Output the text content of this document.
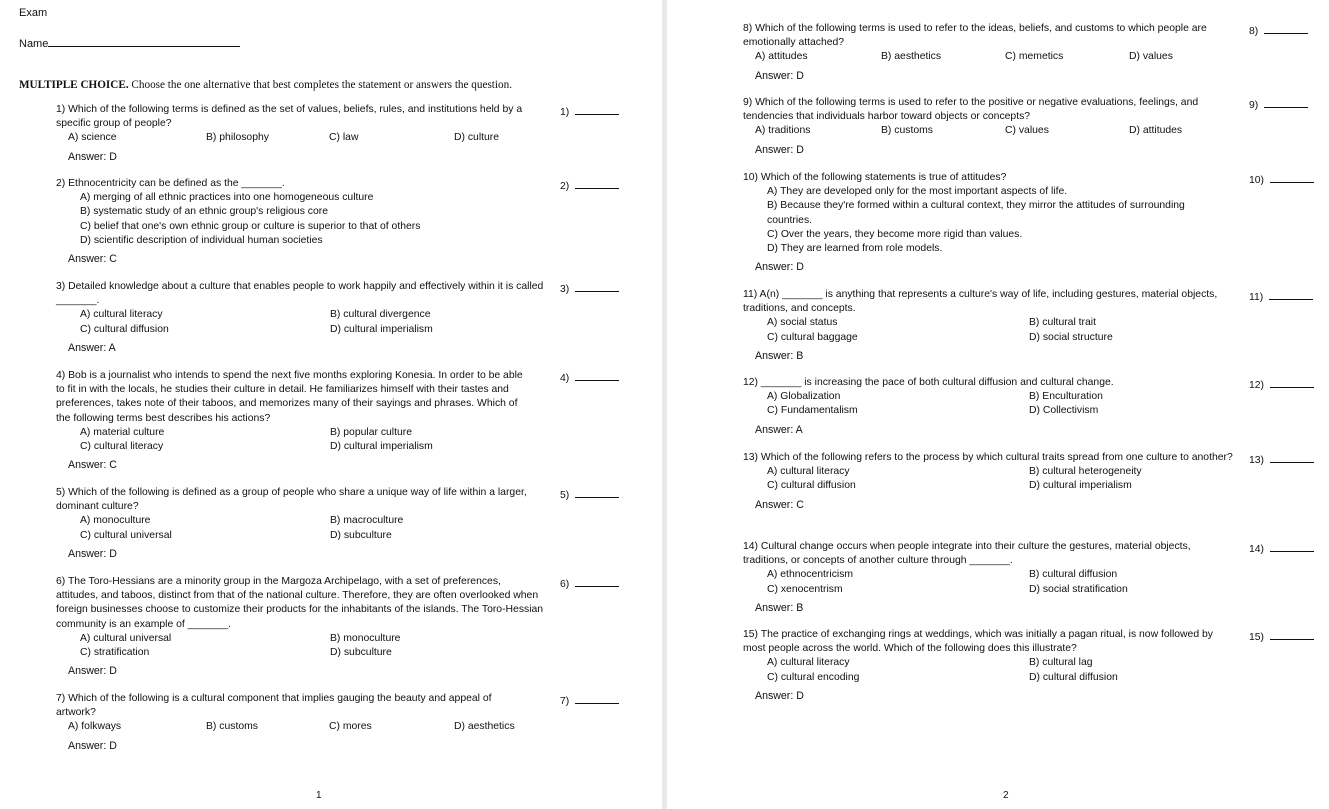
Exam
Name
MULTIPLE CHOICE. Choose the one alternative that best completes the statement or answers the question.
1
1) Which of the following terms is defined as the set of values, beliefs, rules, and institutions held by a specific group of people?
1)
A) science	B) philosophy	C) law	D) culture
Answer: D
2) Ethnocentricity can be defined as the _______.	2)
A) merging of all ethnic practices into one homogeneous culture
B) systematic study of an ethnic group's religious core
C) belief that one's own ethnic group or culture is superior to that of others
D) scientific description of individual human societies
Answer: C
3) Detailed knowledge about a culture that enables people to work happily and effectively within it is called _______.
3)
A) cultural literacy	B) cultural divergence
C) cultural diffusion	D) cultural imperialism
Answer: A
4) Bob is a journalist who intends to spend the next five months exploring Konesia. In order to be able to fit in with the locals, he studies their culture in detail. He familiarizes himself with their tastes and preferences, takes note of their taboos, and memorizes many of their sayings and phrases. Which of the following terms best describes his actions?
4)
A) material culture	B) popular culture
C) cultural literacy	D) cultural imperialism
Answer: C
5) Which of the following is defined as a group of people who share a unique way of life within a larger, dominant culture?
5)
A) monoculture	B) macroculture
C) cultural universal	D) subculture
Answer: D
6) The Toro-Hessians are a minority group in the Margoza Archipelago, with a set of preferences, attitudes, and taboos, distinct from that of the national culture. Therefore, they are often overlooked when foreign businesses choose to customize their products for the inhabitants of the islands. The Toro-Hessian community is an example of _______.
6)
A) cultural universal	B) monoculture
C) stratification	D) subculture
Answer: D
7) Which of the following is a cultural component that implies gauging the beauty and appeal of artwork?
7)
A) folkways	B) customs	C) mores	D) aesthetics
Answer: D
2
8) Which of the following terms is used to refer to the ideas, beliefs, and customs to which people are emotionally attached?
8)
A) attitudes	B) aesthetics	C) memetics	D) values
Answer: D
9) Which of the following terms is used to refer to the positive or negative evaluations, feelings, and tendencies that individuals harbor toward objects or concepts?
9)
A) traditions	B) customs	C) values	D) attitudes
Answer: D
10) Which of the following statements is true of attitudes?	10)
A) They are developed only for the most important aspects of life.
B) Because they're formed within a cultural context, they mirror the attitudes of surrounding countries.
C) Over the years, they become more rigid than values.
D) They are learned from role models.
Answer: D
11) A(n) _______ is anything that represents a culture's way of life, including gestures, material objects, traditions, and concepts.
11)
A) social status	B) cultural trait
C) cultural baggage	D) social structure
Answer: B
12) _______ is increasing the pace of both cultural diffusion and cultural change.	12)
A) Globalization	B) Enculturation
C) Fundamentalism	D) Collectivism
Answer: A
13) Which of the following refers to the process by which cultural traits spread from one culture to another? 13)
A) cultural literacy	B) cultural heterogeneity
C) cultural diffusion	D) cultural imperialism
Answer: C
14) Cultural change occurs when people integrate into their culture the gestures, material objects, traditions, or concepts of another culture through _______.
14)
A) ethnocentricism	B) cultural diffusion
C) xenocentrism	D) social stratification
Answer: B
15) The practice of exchanging rings at weddings, which was initially a pagan ritual, is now followed by most people across the world. Which of the following does this illustrate?
15)
A) cultural literacy	B) cultural lag
C) cultural encoding	D) cultural diffusion
Answer: D
